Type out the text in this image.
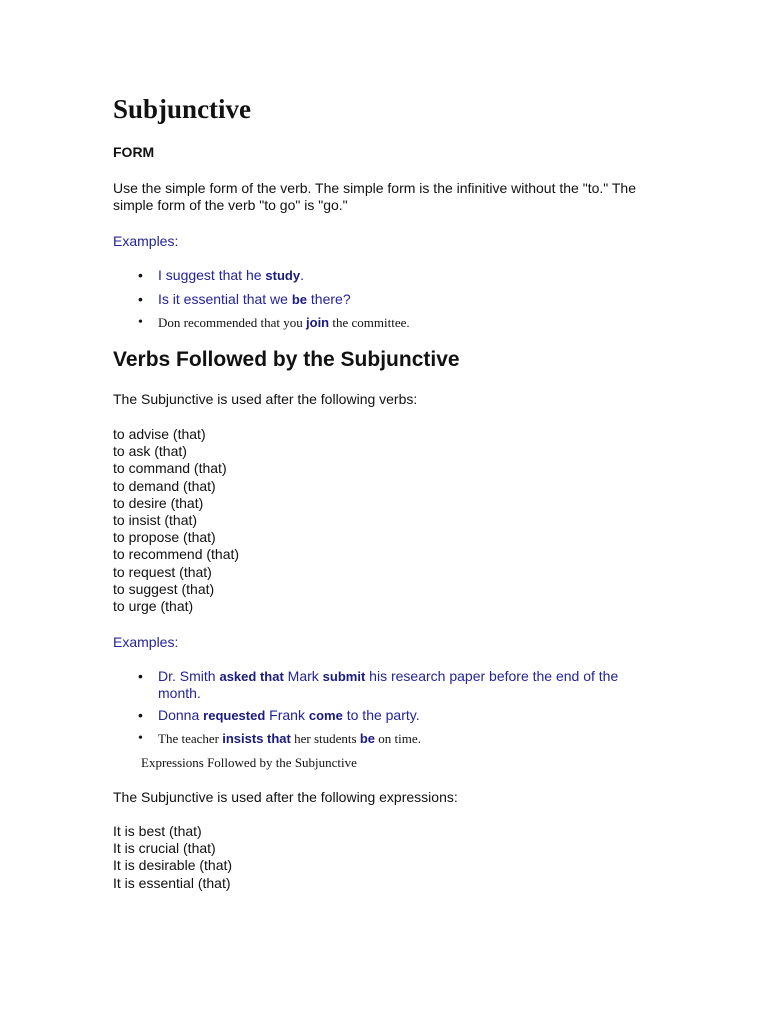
Subjunctive
FORM

Use the simple form of the verb. The simple form is the infinitive without the "to." The simple form of the verb "to go" is "go."

Examples:

• I suggest that he study.
• Is it essential that we be there?
• Don recommended that you join the committee.
Verbs Followed by the Subjunctive

The Subjunctive is used after the following verbs:

to advise (that)
to ask (that)
to command (that)
to demand (that)
to desire (that)
to insist (that)
to propose (that)
to recommend (that)
to request (that)
to suggest (that)
to urge (that)

Examples:

• Dr. Smith asked that Mark submit his research paper before the end of the month.
• Donna requested Frank come to the party.
• The teacher insists that her students be on time.

Expressions Followed by the Subjunctive

The Subjunctive is used after the following expressions:

It is best (that)
It is crucial (that)
It is desirable (that)
It is essential (that)
